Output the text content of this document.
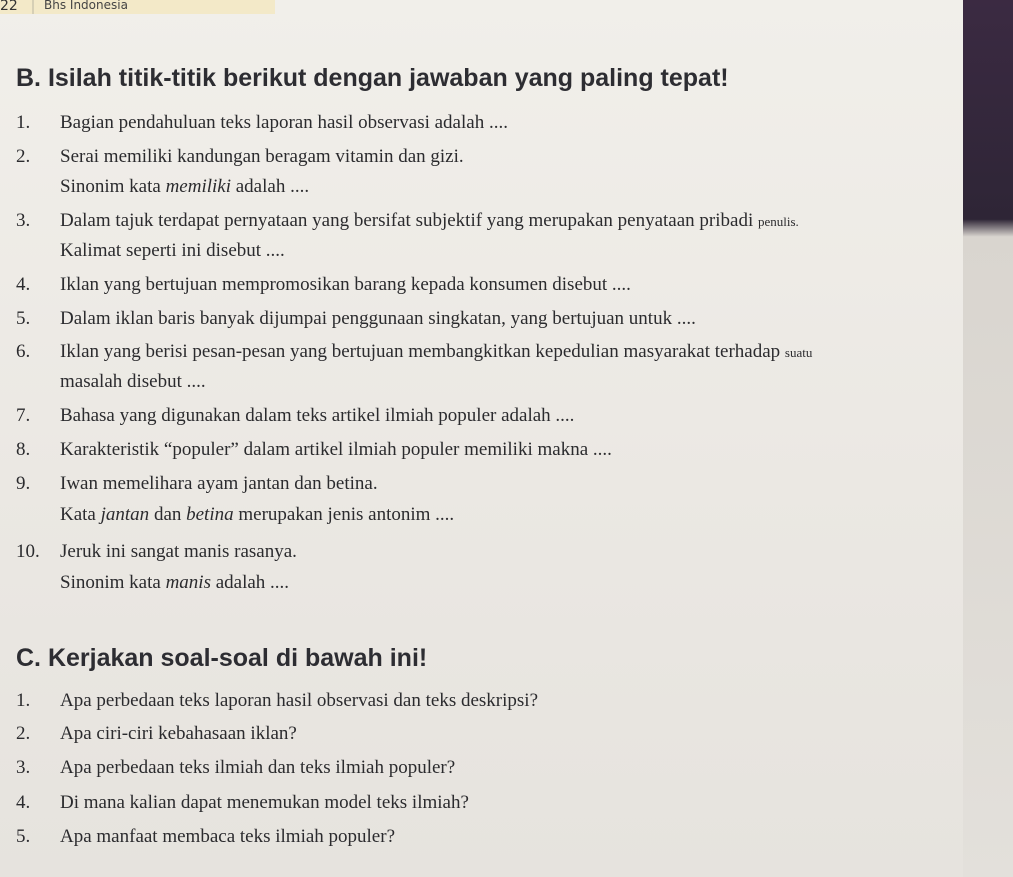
22 Bhs Indonesia
B. Isilah titik-titik berikut dengan jawaban yang paling tepat!
1. Bagian pendahuluan teks laporan hasil observasi adalah ....
2. Serai memiliki kandungan beragam vitamin dan gizi.
Sinonim kata memiliki adalah ....
3. Dalam tajuk terdapat pernyataan yang bersifat subjektif yang merupakan penyataan pribadi penulis.
Kalimat seperti ini disebut ....
4. Iklan yang bertujuan mempromosikan barang kepada konsumen disebut ....
5. Dalam iklan baris banyak dijumpai penggunaan singkatan, yang bertujuan untuk ....
6. Iklan yang berisi pesan-pesan yang bertujuan membangkitkan kepedulian masyarakat terhadap suatu
masalah disebut ....
7. Bahasa yang digunakan dalam teks artikel ilmiah populer adalah ....
8. Karakteristik “populer” dalam artikel ilmiah populer memiliki makna ....
9. Iwan memelihara ayam jantan dan betina.
Kata jantan dan betina merupakan jenis antonim ....
10. Jeruk ini sangat manis rasanya.
Sinonim kata manis adalah ....
C. Kerjakan soal-soal di bawah ini!
1. Apa perbedaan teks laporan hasil observasi dan teks deskripsi?
2. Apa ciri-ciri kebahasaan iklan?
3. Apa perbedaan teks ilmiah dan teks ilmiah populer?
4. Di mana kalian dapat menemukan model teks ilmiah?
5. Apa manfaat membaca teks ilmiah populer?
